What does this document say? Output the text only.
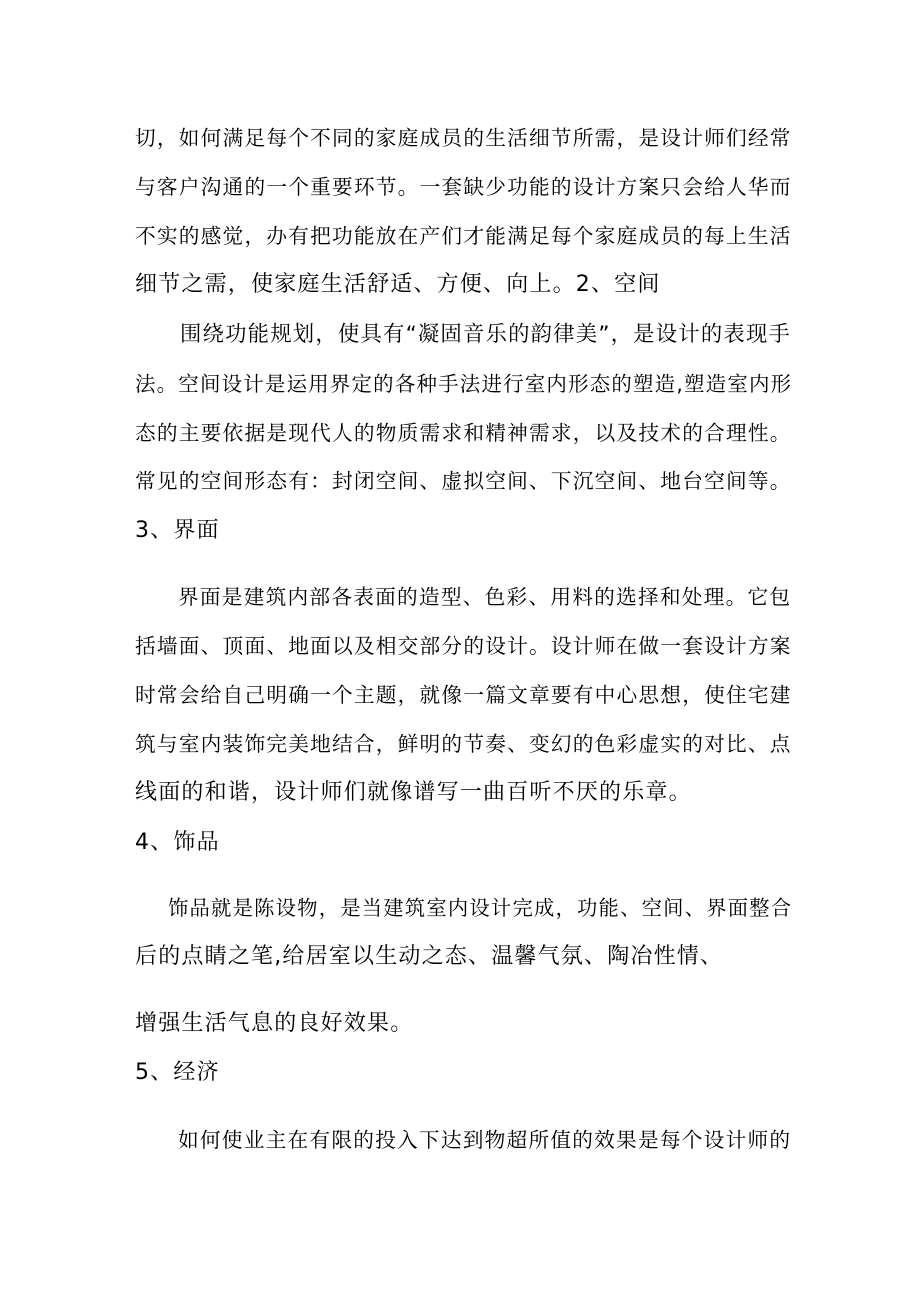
切，如何满足每个不同的家庭成员的生活细节所需，是设计师们经常

与客户沟通的一个重要环节。一套缺少功能的设计方案只会给人华而

不实的感觉，办有把功能放在产们才能满足每个家庭成员的每上生活

细节之需，使家庭生活舒适、方便、向上。2、空间

围绕功能规划，使具有“凝固音乐的韵律美”，是设计的表现手

法。空间设计是运用界定的各种手法进行室内形态的塑造,塑造室内形

态的主要依据是现代人的物质需求和精神需求，以及技术的合理性。

常见的空间形态有：封闭空间、虚拟空间、下沉空间、地台空间等。

3、界面

界面是建筑内部各表面的造型、色彩、用料的选择和处理。它包

括墙面、顶面、地面以及相交部分的设计。设计师在做一套设计方案

时常会给自己明确一个主题，就像一篇文章要有中心思想，使住宅建

筑与室内装饰完美地结合，鲜明的节奏、变幻的色彩虚实的对比、点

线面的和谐，设计师们就像谱写一曲百听不厌的乐章。

4、饰品

饰品就是陈设物，是当建筑室内设计完成，功能、空间、界面整合

后的点睛之笔,给居室以生动之态、温馨气氛、陶冶性情、

增强生活气息的良好效果。

5、经济

如何使业主在有限的投入下达到物超所值的效果是每个设计师的
